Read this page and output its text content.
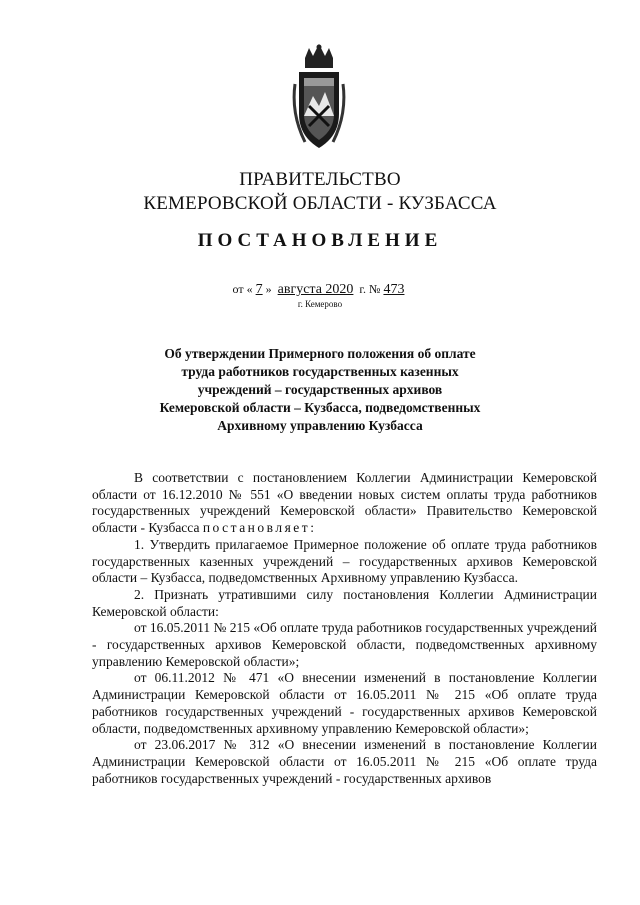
ПРАВИТЕЛЬСТВО
КЕМЕРОВСКОЙ ОБЛАСТИ - КУЗБАССА
ПОСТАНОВЛЕНИЕ
от « 7 » августа 2020 г. № 473
г. Кемерово
Об утверждении Примерного положения об оплате
труда работников государственных казенных
учреждений – государственных архивов
Кемеровской области – Кузбасса, подведомственных
Архивному управлению Кузбасса

В соответствии с постановлением Коллегии Администрации Кемеровской области от 16.12.2010 № 551 «О введении новых систем оплаты труда работников государственных учреждений Кемеровской области» Правительство Кемеровской области - Кузбасса постановляет:

1. Утвердить прилагаемое Примерное положение об оплате труда работников государственных казенных учреждений – государственных архивов Кемеровской области – Кузбасса, подведомственных Архивному управлению Кузбасса.

2. Признать утратившими силу постановления Коллегии Администрации Кемеровской области:

от 16.05.2011 № 215 «Об оплате труда работников государственных учреждений - государственных архивов Кемеровской области, подведомственных архивному управлению Кемеровской области»;

от 06.11.2012 № 471 «О внесении изменений в постановление Коллегии Администрации Кемеровской области от 16.05.2011 № 215 «Об оплате труда работников государственных учреждений - государственных архивов Кемеровской области, подведомственных архивному управлению Кемеровской области»;

от 23.06.2017 № 312 «О внесении изменений в постановление Коллегии Администрации Кемеровской области от 16.05.2011 № 215 «Об оплате труда работников государственных учреждений - государственных архивов
